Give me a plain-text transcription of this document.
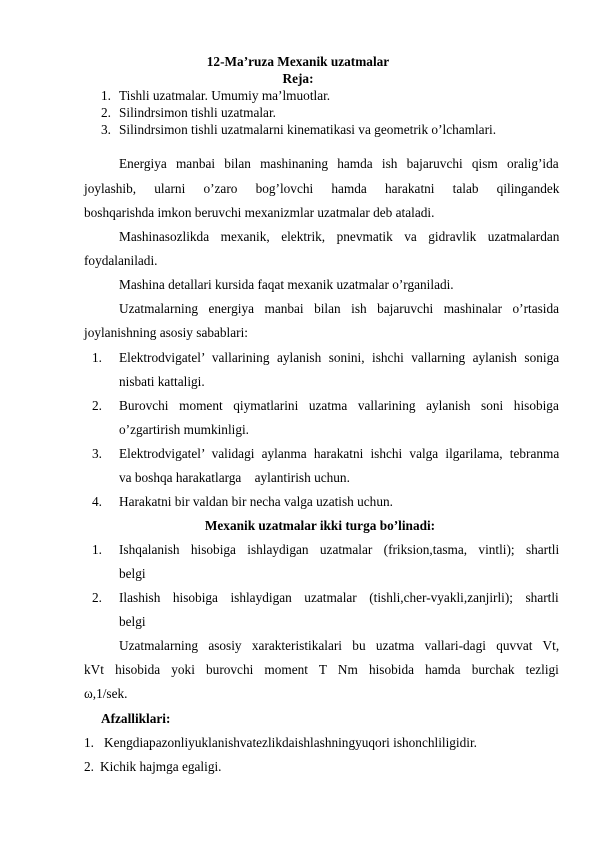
12-Ma’ruza Mexanik uzatmalar
Reja:
1. Tishli uzatmalar. Umumiy ma’lmuotlar.
2. Silindrsimon tishli uzatmalar.
3. Silindrsimon tishli uzatmalarni kinematikasi va geometrik o’lchamlari.
Energiya manbai bilan mashinaning hamda ish bajaruvchi qism oralig’ida
joylashib, ularni o’zaro bog’lovchi hamda harakatni talab qilingandek
boshqarishda imkon beruvchi mexanizmlar uzatmalar deb ataladi.
Mashinasozlikda mexanik, elektrik, pnevmatik va gidravlik uzatmalardan
foydalaniladi.
Mashina detallari kursida faqat mexanik uzatmalar o’rganiladi.
Uzatmalarning energiya manbai bilan ish bajaruvchi mashinalar o’rtasida
joylanishning asosiy sabablari:
1. Elektrodvigatel’ vallarining aylanish sonini, ishchi vallarning aylanish soniga
nisbati kattaligi.
2. Burovchi moment qiymatlarini uzatma vallarining aylanish soni hisobiga
o’zgartirish mumkinligi.
3. Elektrodvigatel’ validagi aylanma harakatni ishchi valga ilgarilama, tebranma
va boshqa harakatlarga    aylantirish uchun.
4. Harakatni bir valdan bir necha valga uzatish uchun.
Mexanik uzatmalar ikki turga bo’linadi:
1. Ishqalanish hisobiga ishlaydigan uzatmalar (friksion,tasma, vintli); shartli
belgi
2. Ilashish hisobiga ishlaydigan uzatmalar (tishli,cher-vyakli,zanjirli); shartli
belgi
Uzatmalarning asosiy xarakteristikalari bu uzatma vallari-dagi quvvat Vt,
kVt hisobida yoki burovchi moment T Nm hisobida hamda burchak tezligi
ω,1/sek.
Afzalliklari:
1. Kengdiapazonliyuklanishvatezlikdaishlashningyuqori ishonchliligidir.
2. Kichik hajmga egaligi.
